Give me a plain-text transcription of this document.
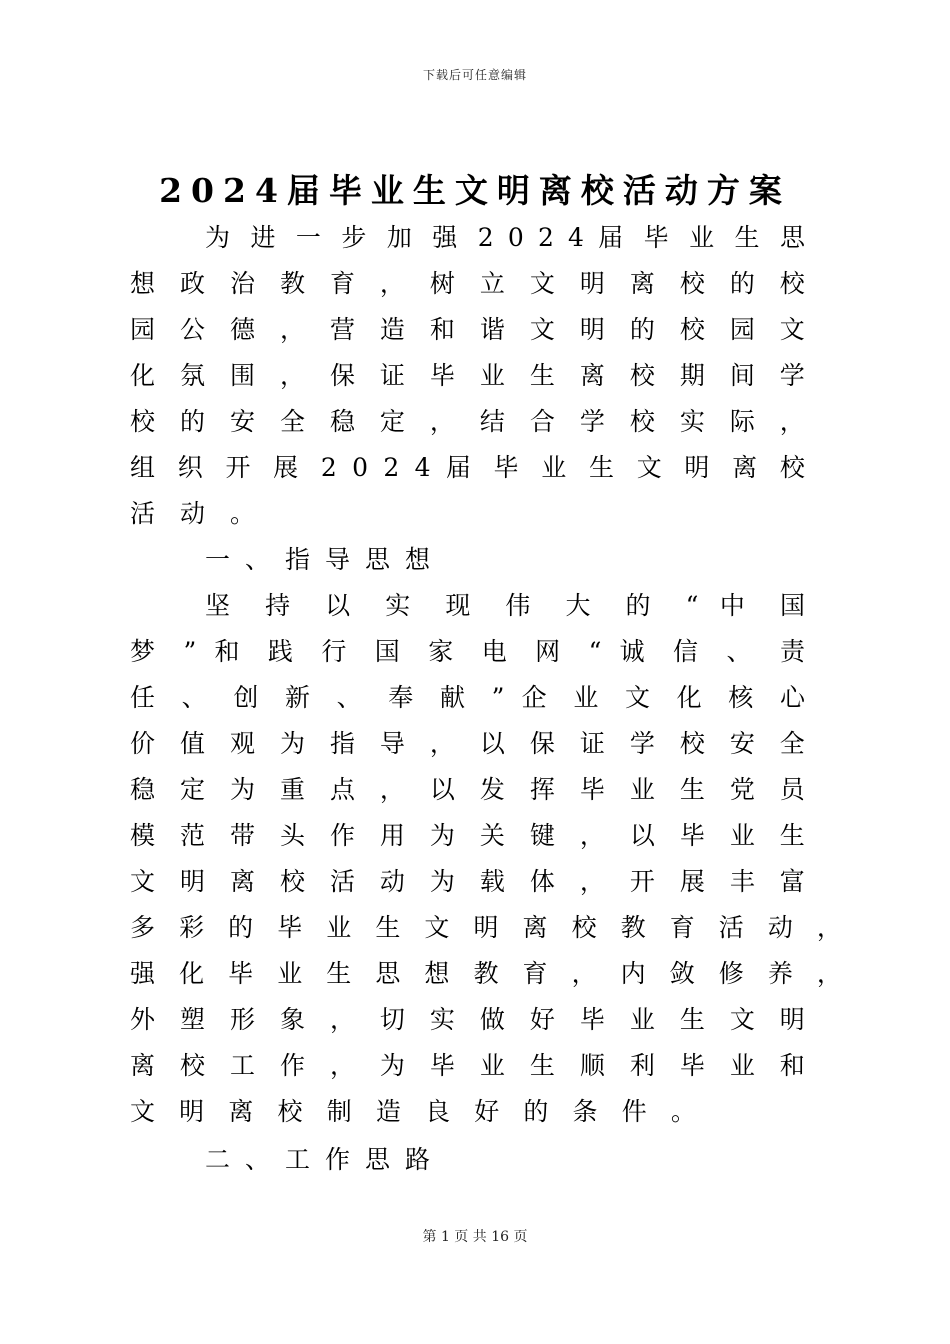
下载后可任意编辑
2024届毕业生文明离校活动方案
为 进 一 步 加 强 2 0 2 4 届 毕 业 生 思
想 政 治 教 育 ， 树 立 文 明 离 校 的 校
园 公 德 ， 营 造 和 谐 文 明 的 校 园 文
化 氛 围 ， 保 证 毕 业 生 离 校 期 间 学
校 的 安 全 稳 定 ， 结 合 学 校 实 际 ，
组 织 开 展 2 0 2 4 届 毕 业 生 文 明 离 校
活 动 。
一、指导思想
坚 持 以 实 现 伟 大 的 “ 中 国
梦 ” 和 践 行 国 家 电 网 “ 诚 信 、 责
任 、 创 新 、 奉 献 ” 企 业 文 化 核 心
价 值 观 为 指 导 ， 以 保 证 学 校 安 全
稳 定 为 重 点 ， 以 发 挥 毕 业 生 党 员
模 范 带 头 作 用 为 关 键 ， 以 毕 业 生
文 明 离 校 活 动 为 载 体 ， 开 展 丰 富
多 彩 的 毕 业 生 文 明 离 校 教 育 活 动 ，
强 化 毕 业 生 思 想 教 育 ， 内 敛 修 养 ，
外 塑 形 象 ， 切 实 做 好 毕 业 生 文 明
离 校 工 作 ， 为 毕 业 生 顺 利 毕 业 和
文 明 离 校 制 造 良 好 的 条 件 。
二、工作思路
第 1 页 共 16 页
